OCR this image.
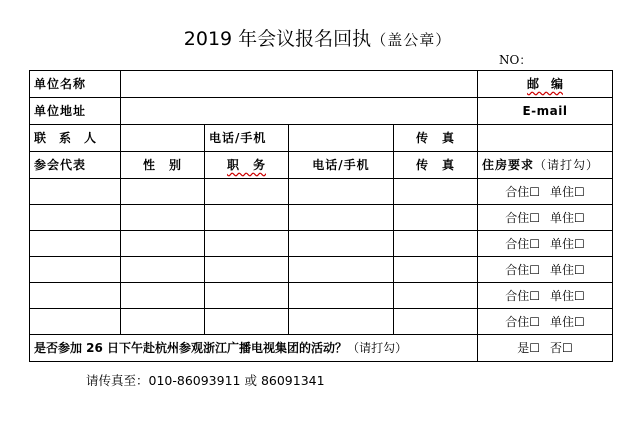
2019 年会议报名回执（盖公章）
NO：
单位名称					邮　编
单位地址					E-mail
联系人		电话/手机		传　真	
参会代表	性　别	职　务	电话/手机	传　真	住房要求（请打勾）
					合住☐ 单住☐
					合住☐ 单住☐
					合住☐ 单住☐
					合住☐ 单住☐
					合住☐ 单住☐
					合住☐ 单住☐
是否参加 26 日下午赴杭州参观浙江广播电视集团的活动？（请打勾）					是☐ 否☐
请传真至：010-86093911 或 86091341
